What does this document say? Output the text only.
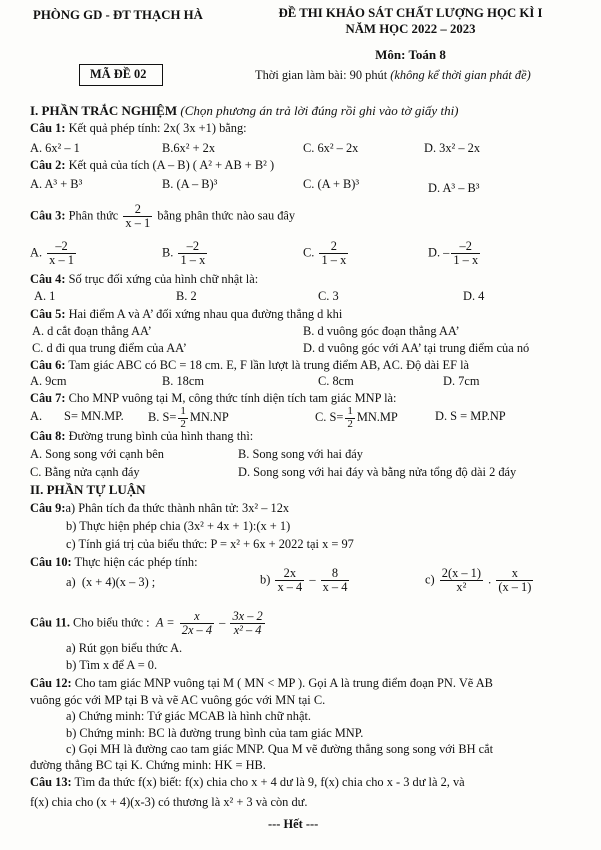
PHÒNG GD - ĐT THẠCH HÀ
MÃ ĐỀ 02
ĐỀ THI KHẢO SÁT CHẤT LƯỢNG HỌC KÌ I
NĂM HỌC 2022 – 2023
Môn: Toán 8
Thời gian làm bài: 90 phút (không kể thời gian phát đề)
I. PHẦN TRẮC NGHIỆM (Chọn phương án trả lời đúng rồi ghi vào tờ giấy thi)
Câu 1: Kết quả phép tính: 2x( 3x +1) bằng:
A. 6x² – 1	B.6x² + 2x	C. 6x² – 2x	D. 3x² – 2x
Câu 2: Kết quả của tích (A – B) ( A² + AB + B² )
A. A³ + B³	B. (A – B)³	C. (A + B)³	D. A³ – B³
Câu 3: Phân thức $\frac{2}{x - 1}$ bằng phân thức nào sau đây
A. $\frac{-2}{x - 1}$	B. $\frac{-2}{1 - x}$	C. $\frac{2}{1 - x}$	D. – $\frac{-2}{1 - x}$
Câu 4: Số trục đối xứng của hình chữ nhật là:
A. 1	B. 2	C. 3	D. 4
Câu 5: Hai điểm A và A’ đối xứng nhau qua đường thẳng d khi
A. d cắt đoạn thẳng AA’	B. d vuông góc đoạn thẳng AA’
C. d đi qua trung điểm của AA’	D. d vuông góc với AA’ tại trung điểm của nó
Câu 6: Tam giác ABC có BC = 18 cm. E, F lần lượt là trung điểm AB, AC. Độ dài EF là
A. 9cm	B. 18cm	C. 8cm	D. 7cm
Câu 7: Cho MNP vuông tại M, công thức tính diện tích tam giác MNP là:
A. S= MN.MP. B. $S= \frac{1}{2} MN.NP$	C. $S= \frac{1}{2} MN.MP$	D. S = MP.NP
Câu 8: Đường trung bình của hình thang thì:
A. Song song với cạnh bên	B. Song song với hai đáy
C. Bằng nửa cạnh đáy	D. Song song với hai đáy và bằng nửa tổng độ dài 2 đáy
II. PHẦN TỰ LUẬN
Câu 9:a) Phân tích đa thức thành nhân tử: 3x² – 12x
b) Thực hiện phép chia (3x² + 4x + 1):(x + 1)
c) Tính giá trị của biểu thức: P = x² + 6x + 2022 tại x = 97
Câu 10: Thực hiện các phép tính:
a) (x + 4)(x – 3) ;	$b) \frac{2x}{x - 4} - \frac{8}{x - 4}$	$c) \frac{2(x - 1)}{\text{x²}}$ . $\frac{x}{(x - 1)}$
Câu 11. Cho biểu thức : $A = \frac{x}{2x - 4} - \frac{3x - 2}{\text{x² – 4}}$
a) Rút gọn biểu thức A.
b) Tìm x để A = 0.
Câu 12: Cho tam giác MNP vuông tại M ( MN < MP ). Gọi A là trung điểm đoạn PN. Vẽ AB
vuông góc với MP tại B và vẽ AC vuông góc với MN tại C.
a) Chứng minh: Tứ giác MCAB là hình chữ nhật.
b) Chứng minh: BC là đường trung bình của tam giác MNP.
c) Gọi MH là đường cao tam giác MNP. Qua M vẽ đường thẳng song song với BH cắt
đường thẳng BC tại K. Chứng minh: HK = HB.
Câu 13: Tìm đa thức f(x) biết: f(x) chia cho x + 4 dư là 9, f(x) chia cho x - 3 dư là 2, và
f(x) chia cho (x + 4)(x-3) có thương là x² + 3 và còn dư.
--- Hết ---
